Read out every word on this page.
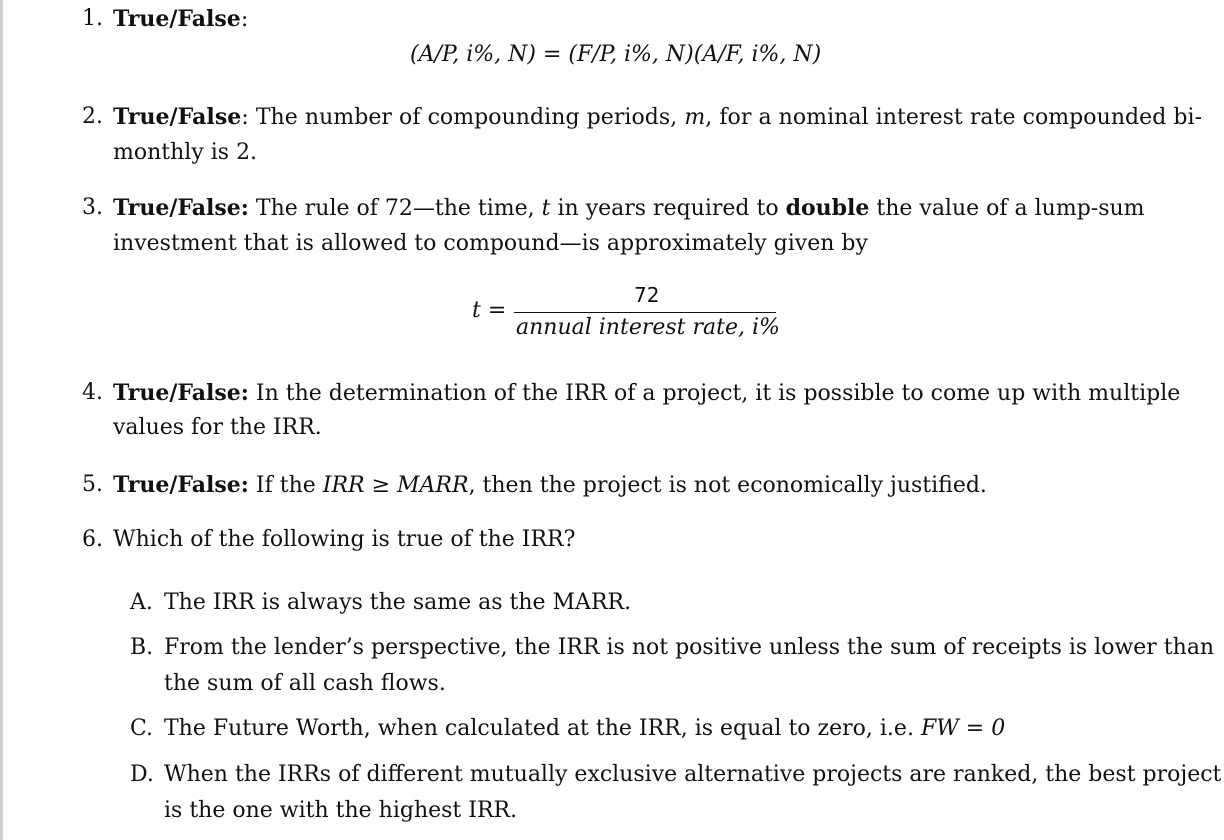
1. True/False:
(A/P, i%, N) = (F/P, i%, N)(A/F, i%, N)
2. True/False: The number of compounding periods, m, for a nominal interest rate compounded bi-
monthly is 2.
3. True/False: The rule of 72—the time, t in years required to double the value of a lump-sum
investment that is allowed to compound—is approximately given by
t =
72
annual interest rate, i%
4. True/False: In the determination of the IRR of a project, it is possible to come up with multiple
values for the IRR.
5. True/False: If the IRR ≥ MARR, then the project is not economically justified.
6. Which of the following is true of the IRR?
A. The IRR is always the same as the MARR.
B. From the lender’s perspective, the IRR is not positive unless the sum of receipts is lower than
the sum of all cash flows.
C. The Future Worth, when calculated at the IRR, is equal to zero, i.e. FW = 0
D. When the IRRs of different mutually exclusive alternative projects are ranked, the best project
is the one with the highest IRR.
